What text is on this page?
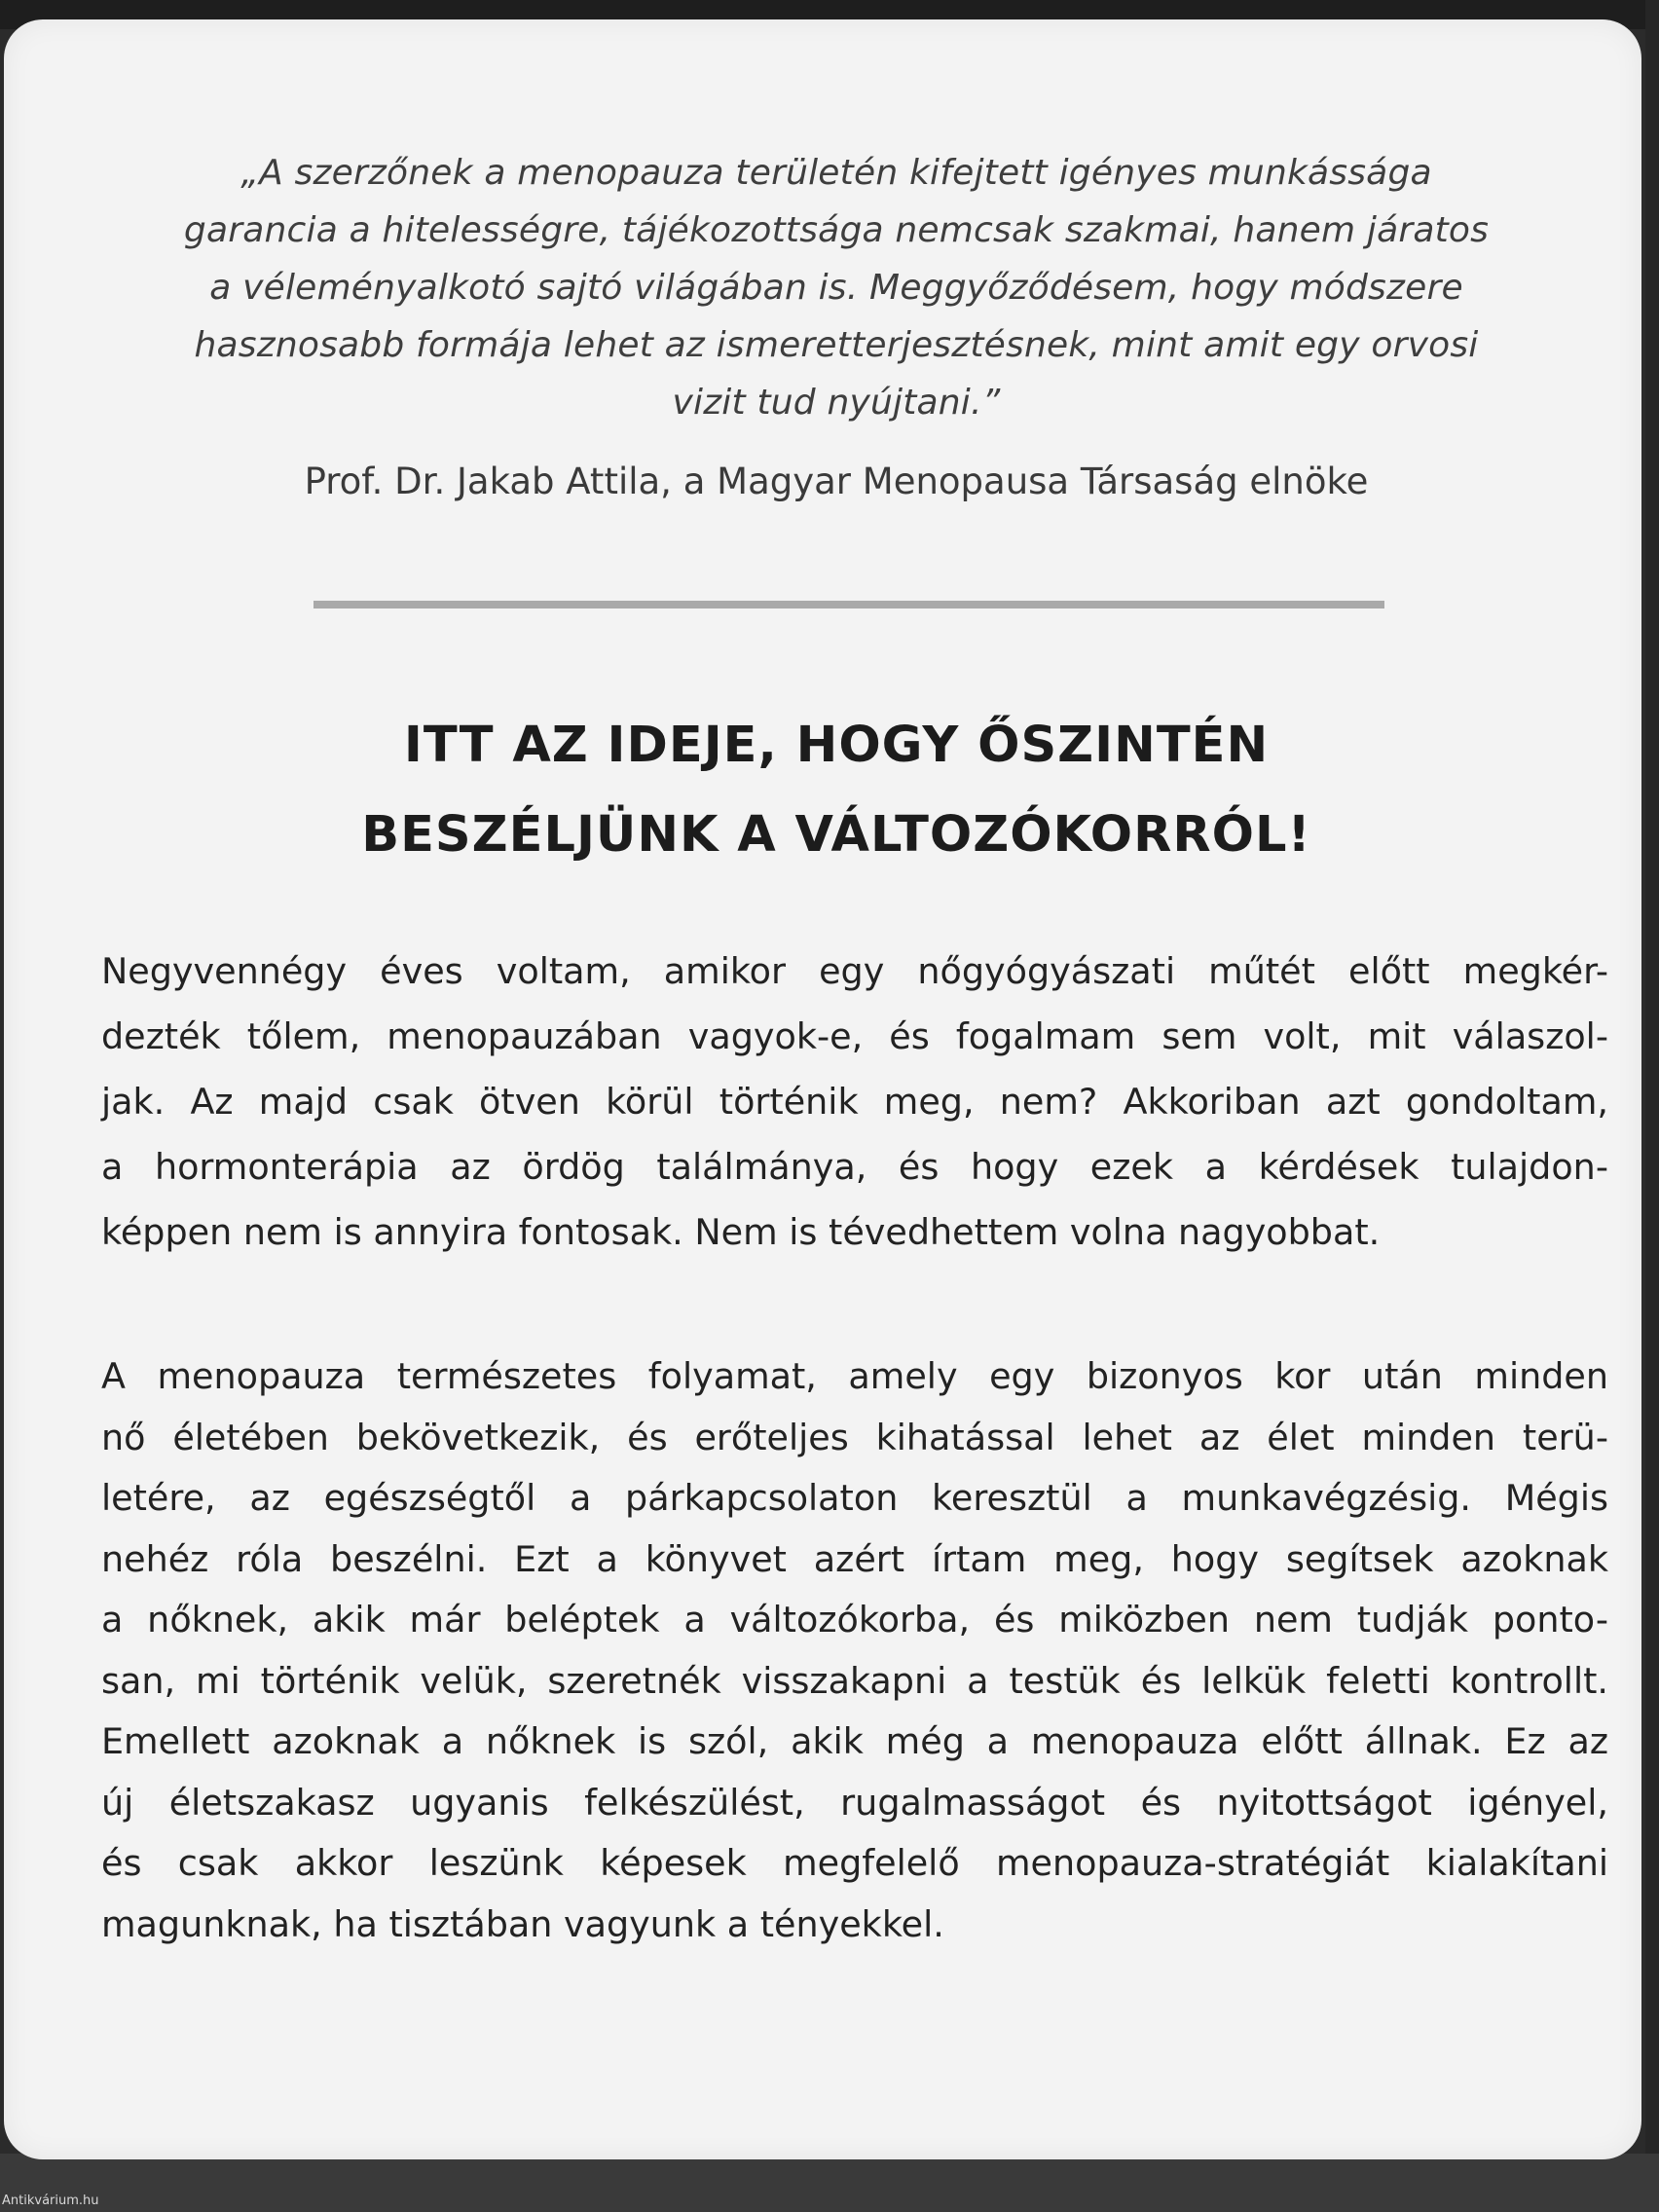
„A szerzőnek a menopauza területén kifejtett igényes munkássága
garancia a hitelességre, tájékozottsága nemcsak szakmai, hanem járatos
a véleményalkotó sajtó világában is. Meggyőződésem, hogy módszere
hasznosabb formája lehet az ismeretterjesztésnek, mint amit egy orvosi
vizit tud nyújtani.”

Prof. Dr. Jakab Attila, a Magyar Menopausa Társaság elnöke

ITT AZ IDEJE, HOGY ŐSZINTÉN
BESZÉLJÜNK A VÁLTOZÓKORRÓL!
Negyvennégy éves voltam, amikor egy nőgyógyászati műtét előtt megkér-
dezték tőlem, menopauzában vagyok-e, és fogalmam sem volt, mit válaszol-
jak. Az majd csak ötven körül történik meg, nem? Akkoriban azt gondoltam,
a hormonterápia az ördög találmánya, és hogy ezek a kérdések tulajdon-
képpen nem is annyira fontosak. Nem is tévedhettem volna nagyobbat.
A menopauza természetes folyamat, amely egy bizonyos kor után minden
nő életében bekövetkezik, és erőteljes kihatással lehet az élet minden terü-
letére, az egészségtől a párkapcsolaton keresztül a munkavégzésig. Mégis
nehéz róla beszélni. Ezt a könyvet azért írtam meg, hogy segítsek azoknak
a nőknek, akik már beléptek a változókorba, és miközben nem tudják ponto-
san, mi történik velük, szeretnék visszakapni a testük és lelkük feletti kontrollt.
Emellett azoknak a nőknek is szól, akik még a menopauza előtt állnak. Ez az
új életszakasz ugyanis felkészülést, rugalmasságot és nyitottságot igényel,
és csak akkor leszünk képesek megfelelő menopauza-stratégiát kialakítani
magunknak, ha tisztában vagyunk a tényekkel.
Antikvárium.hu
